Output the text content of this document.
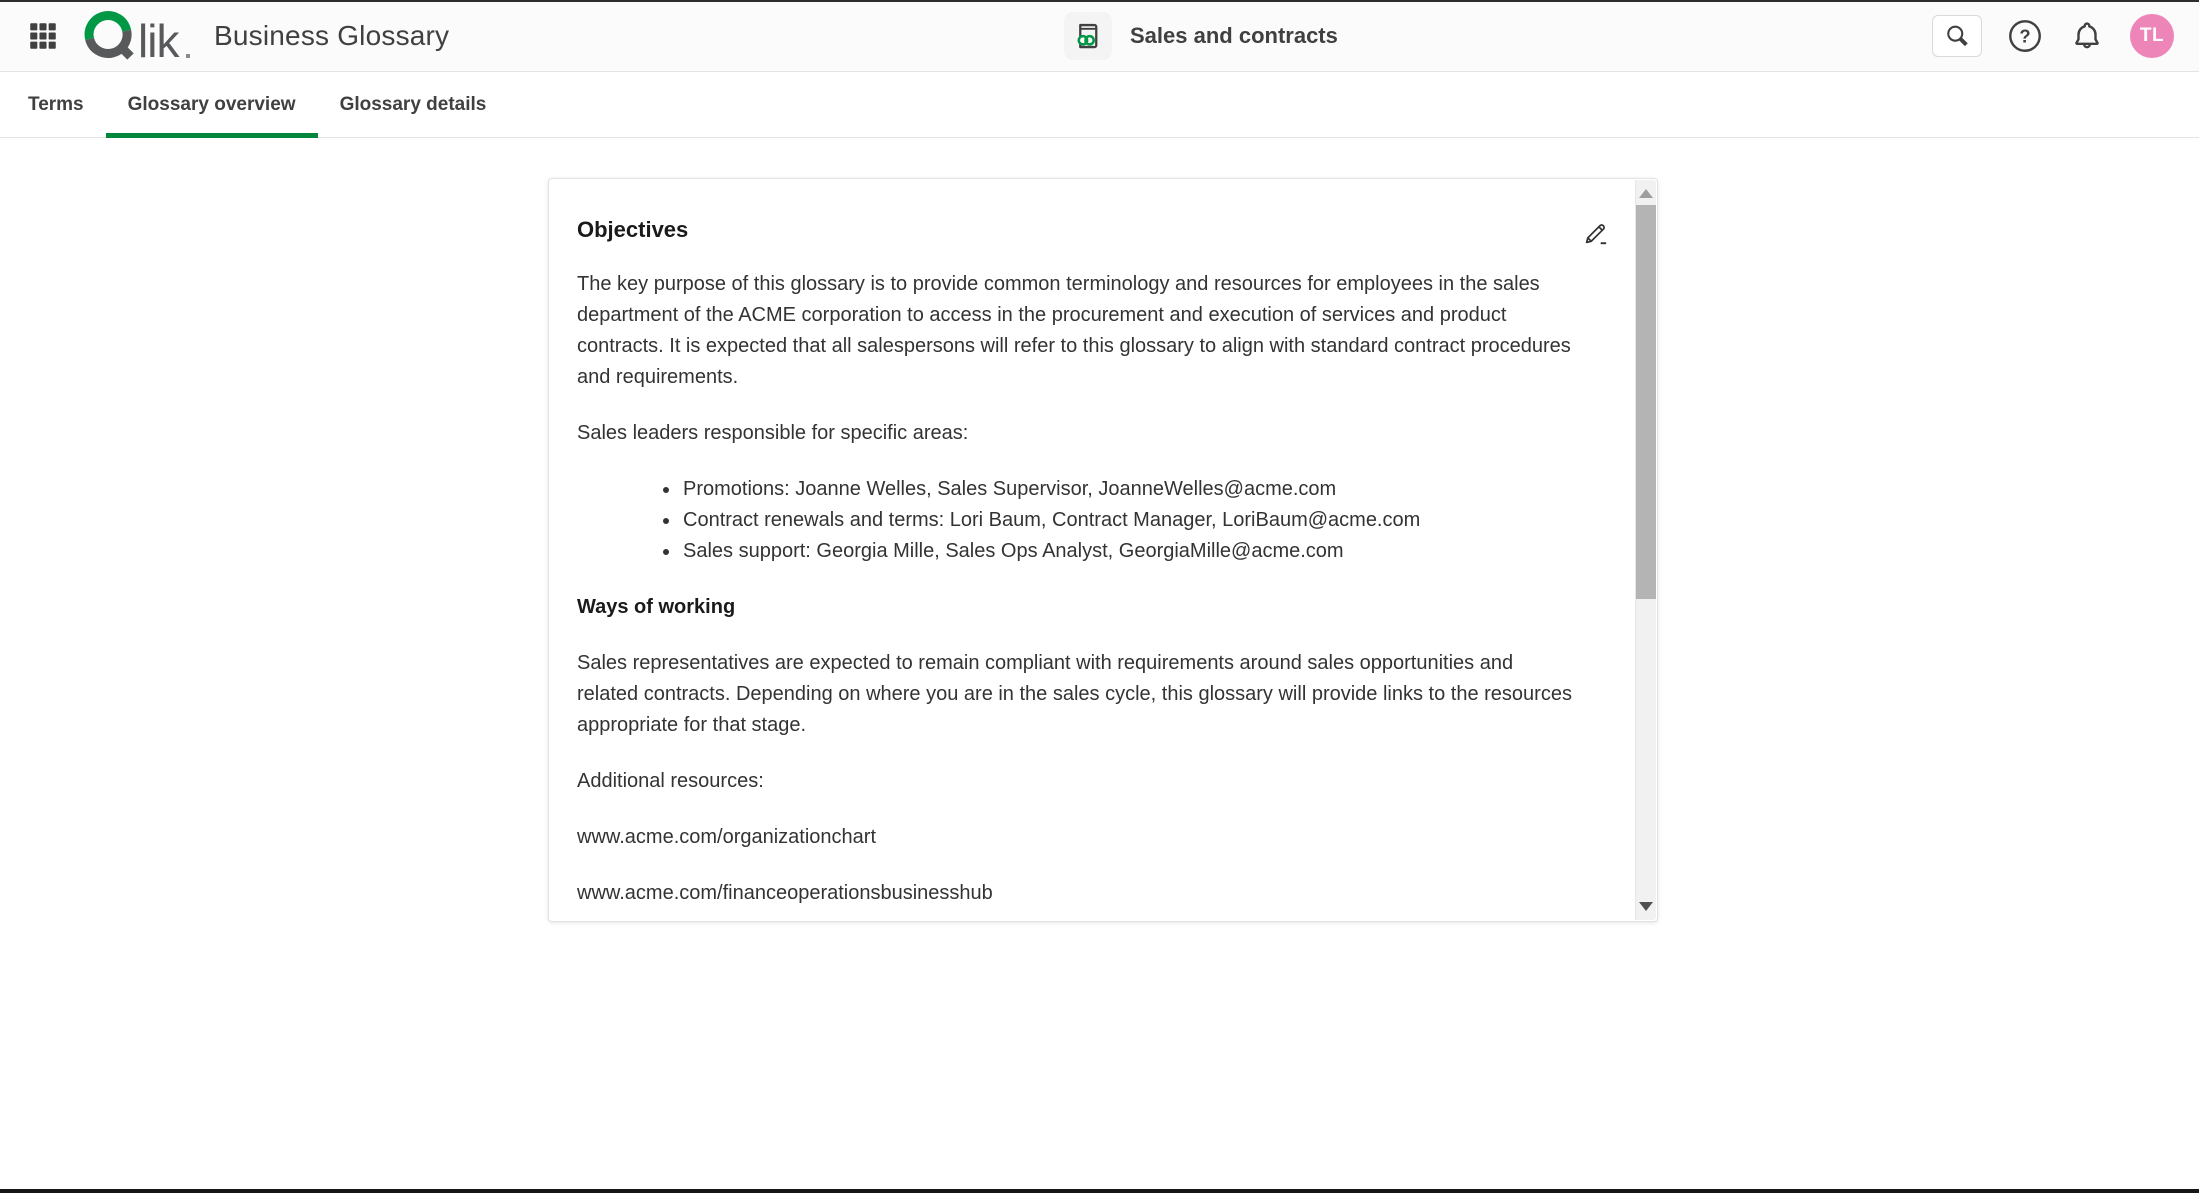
lik Business Glossary	Sales and contracts	?	TL
Terms Glossary overview Glossary details
Objectives

The key purpose of this glossary is to provide common terminology and resources for employees in the sales department of the ACME corporation to access in the procurement and execution of services and product contracts. It is expected that all salespersons will refer to this glossary to align with standard contract procedures and requirements.

Sales leaders responsible for specific areas:

• Promotions: Joanne Welles, Sales Supervisor, JoanneWelles@acme.com
• Contract renewals and terms: Lori Baum, Contract Manager, LoriBaum@acme.com
• Sales support: Georgia Mille, Sales Ops Analyst, GeorgiaMille@acme.com
Ways of working

Sales representatives are expected to remain compliant with requirements around sales opportunities and related contracts. Depending on where you are in the sales cycle, this glossary will provide links to the resources appropriate for that stage.

Additional resources:

www.acme.com/organizationchart

www.acme.com/financeoperationsbusinesshub
